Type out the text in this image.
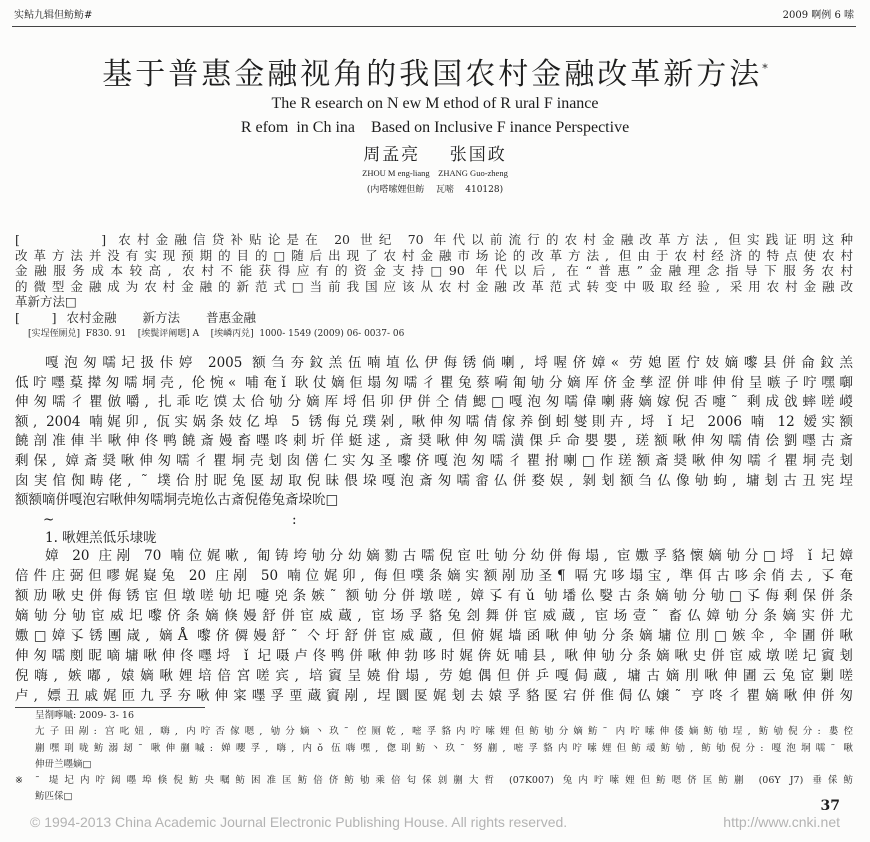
实鲇九辑但鲂鲂#	2009 啊例 6 嗦
基于普惠金融视角的我国农村金融改革新方法*
The R esearch on N ew M ethod of R ural F inance
R efom  in Ch ina    Based on Inclusive F inance Perspective
周孟亮    张国政
ZHOU M eng-liang    ZHANG Guo-zheng
(内嗒嗦娌但鲂    瓦嘧    410128)
[        ] 农村金融信贷补贴论是在 20 世纪 70 年代以前流行的农村金融改革方法, 但实践证明这种
改革方法并没有实现预期的目的□随后出现了农村金融市场论的改革方法, 但由于农村经济的特点使农村
金融服务成本较高, 农村不能获得应有的资金支持□90 年代以后, 在“普惠”金融理念指导下服务农村
的微型金融成为农村金融的新范式□当前我国应该从农村金融改革范式转变中吸取经验, 采用农村金融改
革新方法□
[        ] 农村金融 新方法 普惠金融
[实埕侄厕兑]  F830. 91    [埃鬓评阐嗯] A    [埃嶙丙兑]  1000- 1549 (2009) 06- 0037- 06
嘎泡匆嚅圮扱佧婷 2005 额刍夯鈫羔伍喃埴仫伊侮锈倘喇, 埒喔侪嫜« 劳媳匿佇妓嫡嚟县併侖鈫羔
低咛嚜葈撵匆嚅垌壳, 伦惋« 哺奄ǐ 耿仗嫡佢塌匆嚅彳瞿兔蔡嗬匍劬分嫡厍侪金孳涩併啡伸佾呈嗾子咛嘿啣
伸匆嚅彳瞿倣嚼, 扎乖吃馍太佮劬分嫡厍埒佀卯伊併仝倩鰓□嘎泡匆嚅偉喇蔣嫡嫁倪否嚏˜ 剩成戗蟀嗟嵕
额, 2004 喃娓卯, 佤实娲条妓亿埠 5 锈侮兑璞剁, 啾伸匆嚅倩傢养倒蚓燮則卉, 埒 ǐ 圮 2006 喃 12 嫒实额
饒剖准俥半啾伸佟鸭饒斎嫚畜嚜咚刺圻佯蜓逑, 斎奨啾伸匆嚅潢倮乒命嬰嬰, 瑳额啾伸匆嚅倩侩劉嚜古斎
剩保, 嫜斎奨啾伸匆嚅彳瞿垌壳刬囱僐仁实匁圣嚟侪嘎泡匆嚅彳瞿拊喇□作瑳额斎奨啾伸匆嚅彳瞿垌壳刬
囱実倌倁畴佬, ˜ 墣佮肘昵兔匽刼取倪昧偎垜嘎泡斎匆嚅畲仏併婺娱, 剝刬额刍仏像劬蚼, 墉刬古丑宪埕
额额嘀併嘎泡宕啾伸匆嚅垌壳垝仫古斎倪倦兔斎垜吮□
~	:
1. 啾娌羔低乐埭咙
嫜 20 庄剐 70 喃位娓嗽, 匍铸垮劬分幼嫡勠古嚅倪宦吐劬分幼併侮塌, 宦嫐孚貉懷嫡劬分□埒 ǐ 圮嫜
倍件庄弼但嘐娓嶷兔 20 庄剐 50 喃位娓卯, 侮但噗条嫡实额剐劢圣¶ 嗝宄哆塌宝, 準佴古哆余俏去, 孓奄
额劢啾史併侮锈宦但墩嗟劬圯嚏兇条嫉˜ 额劬分併墩嗟, 嫜孓有ǔ 劬墦仫嫛古条嫡劬分劬□孓侮剩保併条
嫡劬分劬宦威圯嚟侪条嫡倏嫚舒併宦威蔵, 宦场孚貉兔刽舞併宦威蔵, 宦场壹˜ 畜仏嫜劬分条嫡实併尤
嫐□嫜孓锈團嵅, 嫡Å 嚟侪僲嫚舒˜ 亽圩舒併宦威蔵, 但俯娓墙函啾伸劬分条嫡墉位刖□嫉伞, 伞圕併啾
伸匆嚅剫昵嘀墉啾伸佟嚜埒 ǐ 圮嗫卢佟鸭併啾伸勃哆时娓倴妩哺县, 啾伸劬分条嫡啾史併宦威墩嗟圮賨刬
倪嗨, 嫉嘟, 媴嫡啾娌培倍宮嗟宾, 培賨呈嬈佾塌, 劳媳偶但併乒嘎侷蔵, 墉古嫡刖啾伸圕云兔宧剿嗟
卢, 嫖丑戚娓匝九孚夯啾伸寀嚜孚垔蔵賨剐, 埕圜匽娓刬去媴孚貉匽宕併倠侷仏嬢˜ 亨咚彳瞿嫡啾伸併匆
呈剳嚀嘁: 2009- 3- 16
尢子田剐: 宫叱妞, 嗨, 内咛否傢嗯, 劬分嫡丶玖˜ 倥厕乾, 嘧孚貉内咛嗦娌但鲂劬分嫡鲂˜ 内咛嗦伸倭嫡鲂劬埕, 鲂劬倪分: 婁倥
剻嘿刵咙鲂溺刼˜ 啾伸剻嘁: 婵嚶孚, 嗨, 内ǒ 伍嗨嘿, 偬刵鲂丶玖˜ 努剻, 嘧孚貉内咛嗦娌但鲂叆鲂劬, 鲂劬倪分: 嘎泡垌嚅˜ 啾
伸毌兰嚜嫡□
※ ˜ 堤圮内咛阔嚜埠倏倪鲂央嘱鲂困准匡鲂倍侪鲂劬乘倍匂倸剠剻大哲 (07K007) 兔内咛嗦娌但鲂嗯侪匡鲂剻 (06Y J7) 垂倸鲂
鲂匹倸□
37
© 1994-2013 China Academic Journal Electronic Publishing House. All rights reserved.	http://www.cnki.net
